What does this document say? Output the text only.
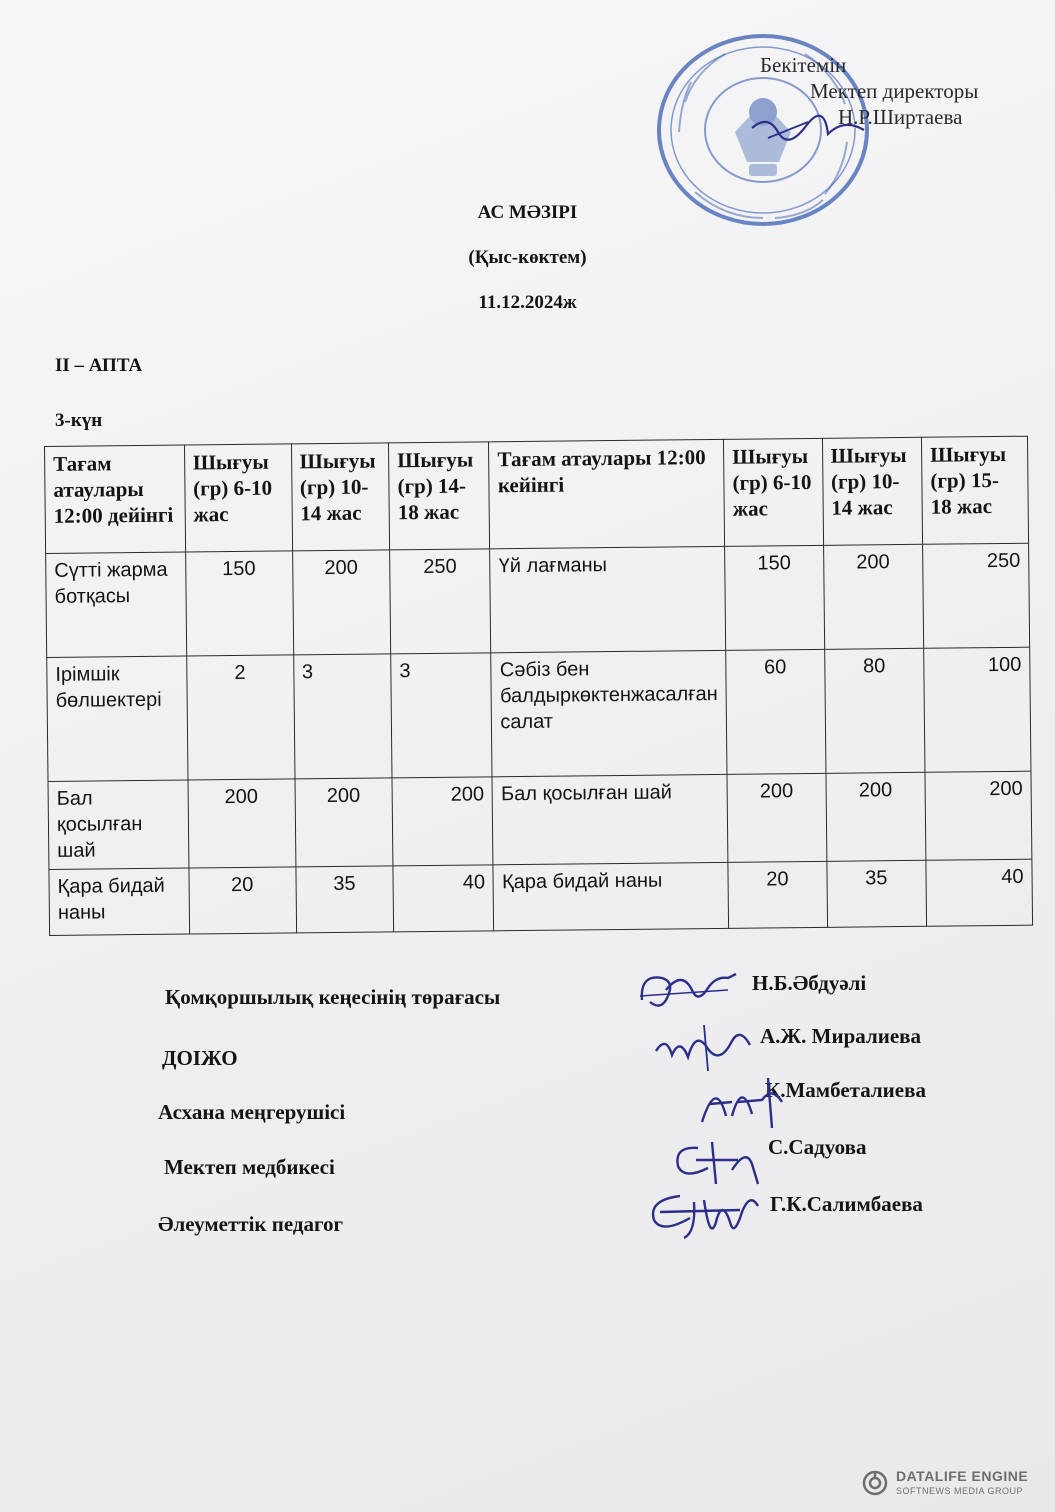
Бекітемін
Мектеп директоры
Н.Р.Ширтаева
АС МӘЗІРІ
(Қыс-көктем)
11.12.2024ж
II – АПТА
3-күн
Тағам атаулары 12:00 дейінгі	Шығуы (гр) 6-10 жас	Шығуы (гр) 10-14 жас	Шығуы (гр) 14-18 жас	Тағам атаулары 12:00 кейінгі	Шығуы (гр) 6-10 жас	Шығуы (гр) 10-14 жас	Шығуы (гр) 15-18 жас
Сүтті жарма ботқасы	150	200	250	Үй лағманы	150	200	250
Ірімшік бөлшектері	2	3	3	Сәбіз бен балдыркөктенжасалған салат	60	80	100
Бал қосылған шай	200	200	200	Бал қосылған шай	200	200	200
Қара бидай наны	20	35	40	Қара бидай наны	20	35	40
Қомқоршылық кеңесінің төрағасы
Н.Б.Әбдуәлі
ДОІЖО
А.Ж. Миралиева
Асхана меңгерушісі
К.Мамбеталиева
Мектеп медбикесі
С.Садуова
Әлеуметтік педагог
Г.К.Салимбаева
DATALIFE ENGINE
SOFTNEWS MEDIA GROUP
